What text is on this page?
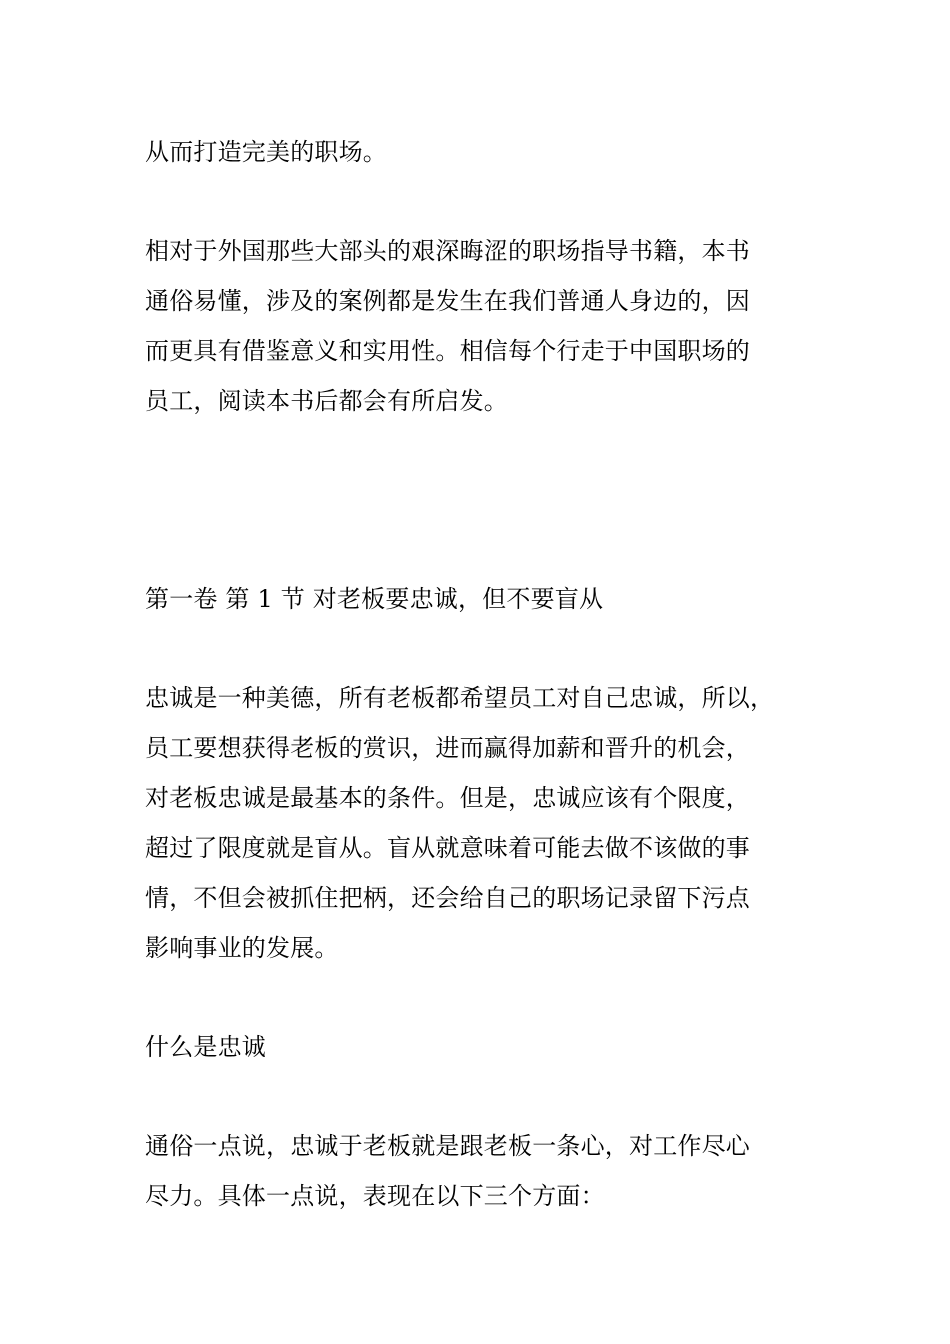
从而打造完美的职场。
相对于外国那些大部头的艰深晦涩的职场指导书籍，本书
通俗易懂，涉及的案例都是发生在我们普通人身边的，因
而更具有借鉴意义和实用性。相信每个行走于中国职场的
员工，阅读本书后都会有所启发。
第一卷 第 1 节 对老板要忠诚，但不要盲从
忠诚是一种美德，所有老板都希望员工对自己忠诚，所以，
员工要想获得老板的赏识，进而赢得加薪和晋升的机会，
对老板忠诚是最基本的条件。但是，忠诚应该有个限度，
超过了限度就是盲从。盲从就意味着可能去做不该做的事
情，不但会被抓住把柄，还会给自己的职场记录留下污点
影响事业的发展。
什么是忠诚
通俗一点说，忠诚于老板就是跟老板一条心，对工作尽心
尽力。具体一点说，表现在以下三个方面：
